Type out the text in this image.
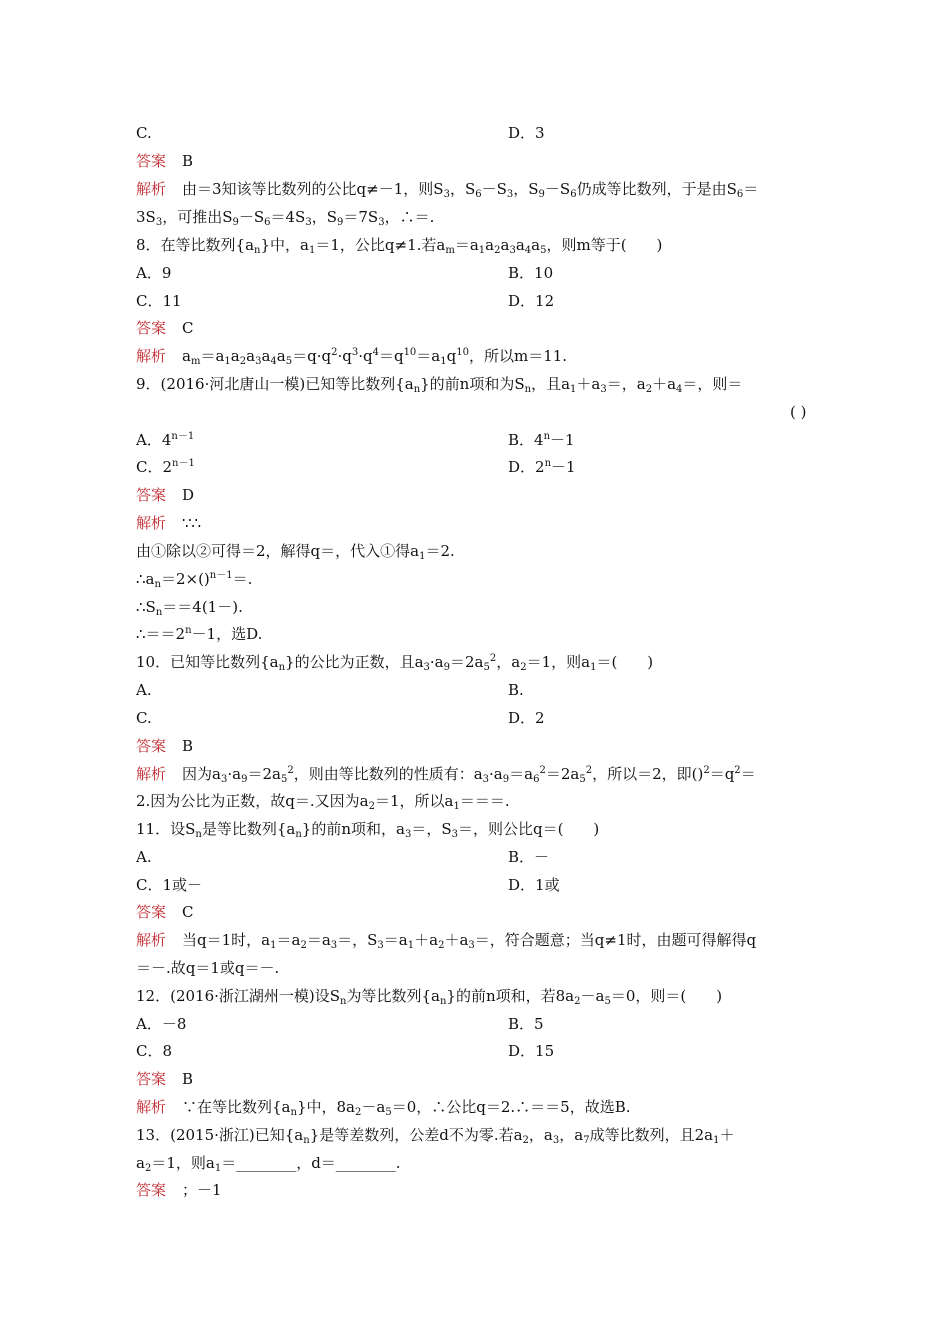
C.	D．3
答案 B
解析 由＝3知该等比数列的公比q≠－1，则$S_3$，$S_6-S_3$，$S_9-S_6$仍成等比数列，于是由$S_6=$
$3S_3$，可推出$S_9-S_6=4S_3$，$S_9=7S_3$，∴＝.
8．在等比数列$\{a_n\}$中，$a_1=1$，公比q≠1.若$a_m=a_1a_2a_3a_4a_5$，则m等于(　　)
A．9	B．10
C．11	D．12
答案 C
解析 $a_m=a_1a_2a_3a_4a_5=q\cdot q^2\cdot q^3\cdot q^4=q^{10}=a_1q^{10}$，所以m＝11.
9．(2016·河北唐山一模)已知等比数列$\{a_n\}$的前n项和为$S_n$，且$a_1+a_3=$，$a_2+a_4=$，则＝
( )
A．$4^{n-1}$	B．$4^n-1$
C．$2^{n-1}$	D．$2^n-1$
答案 D
解析 ∵∴
由①除以②可得＝2，解得q＝，代入①得$a_1=2$.
$\therefore a_n=2\times()^{n-1}=$.
$\therefore S_n==4(1-)$.
$\therefore==2^n-1$，选D.
10．已知等比数列$\{a_n\}$的公比为正数，且$a_3\cdot a_9=2a_5^2$，$a_2=1$，则$a_1=$(　　)
A.	B.
C.	D．2
答案 B
解析 因为$a_3\cdot a_9=2a_5^2$，则由等比数列的性质有：$a_3\cdot a_9=a_6^2=2a_5^2$，所以＝2，即$()^2=q^2=$
2.因为公比为正数，故q＝.又因为$a_2=1$，所以$a_1===$.
11．设$S_n$是等比数列$\{a_n\}$的前n项和，$a_3=$，$S_3=$，则公比q＝(　　)
A.	B．－
C．1或－	D．1或
答案 C
解析 当q＝1时，$a_1=a_2=a_3=$，$S_3=a_1+a_2+a_3=$，符合题意；当q≠1时，由题可得解得q
＝－.故q＝1或q＝－.
12．(2016·浙江湖州一模)设$S_n$为等比数列$\{a_n\}$的前n项和，若$8a_2-a_5=0$，则＝(　　)
A．－8	B．5
C．8	D．15
答案 B
解析 ∵在等比数列$\{a_n\}$中，$8a_2-a_5=0$，∴公比q＝2.∴＝＝5，故选B.
13．(2015·浙江)已知$\{a_n\}$是等差数列，公差d不为零.若$a_2$，$a_3$，$a_7$成等比数列，且$2a_1+$
$a_2=1$，则$a_1=\_\_\_\_\_\_\_\_$，d＝________.
答案 ；－1
